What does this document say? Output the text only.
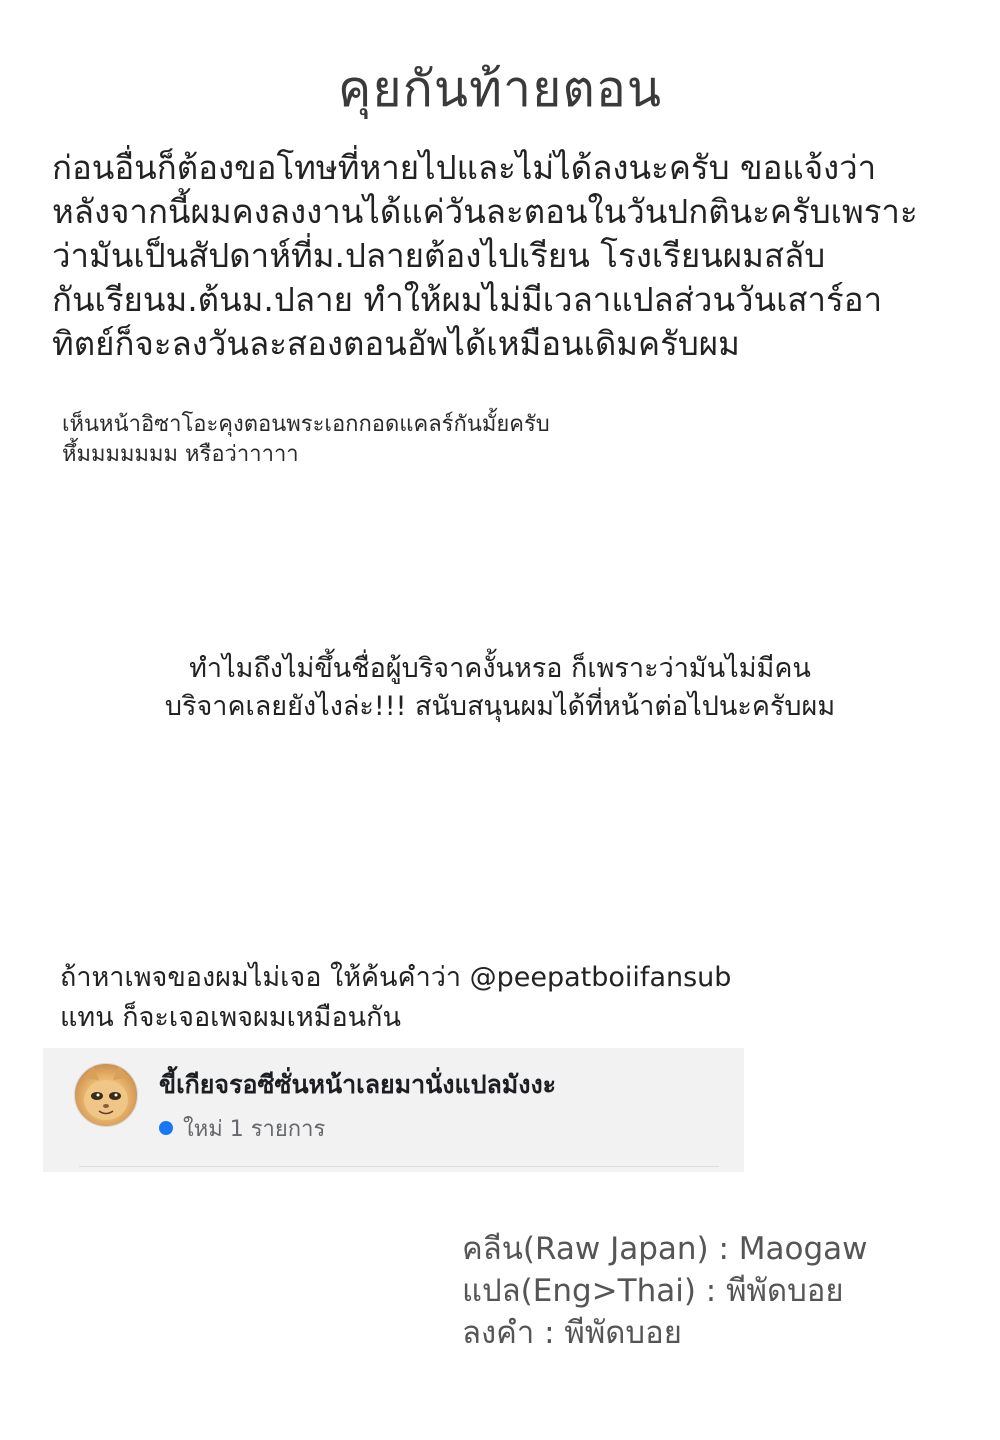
คุยกันท้ายตอน
ก่อนอื่นก็ต้องขอโทษที่หายไปและไม่ได้ลงนะครับ ขอแจ้งว่า
หลังจากนี้ผมคงลงงานได้แค่วันละตอนในวันปกตินะครับเพราะ
ว่ามันเป็นสัปดาห์ที่ม.ปลายต้องไปเรียน โรงเรียนผมสลับ
กันเรียนม.ต้นม.ปลาย ทำให้ผมไม่มีเวลาแปลส่วนวันเสาร์อา
ทิตย์ก็จะลงวันละสองตอนอัพได้เหมือนเดิมครับผม
เห็นหน้าอิซาโอะคุงตอนพระเอกกอดแคลร์กันมั้ยครับ
หึ้มมมมมมม หรือว่าาาาา
ทำไมถึงไม่ขึ้นชื่อผู้บริจาคงั้นหรอ ก็เพราะว่ามันไม่มีคน
บริจาคเลยยังไงล่ะ!!! สนับสนุนผมได้ที่หน้าต่อไปนะครับผม
ถ้าหาเพจของผมไม่เจอ ให้ค้นคำว่า @peepatboiifansub
แทน ก็จะเจอเพจผมเหมือนกัน
ขี้เกียจรอซีซั่นหน้าเลยมานั่งแปลมังงะ
ใหม่ 1 รายการ
คลีน(Raw Japan) : Maogaw
แปล(Eng>Thai) : พีพัดบอย
ลงคำ : พีพัดบอย
